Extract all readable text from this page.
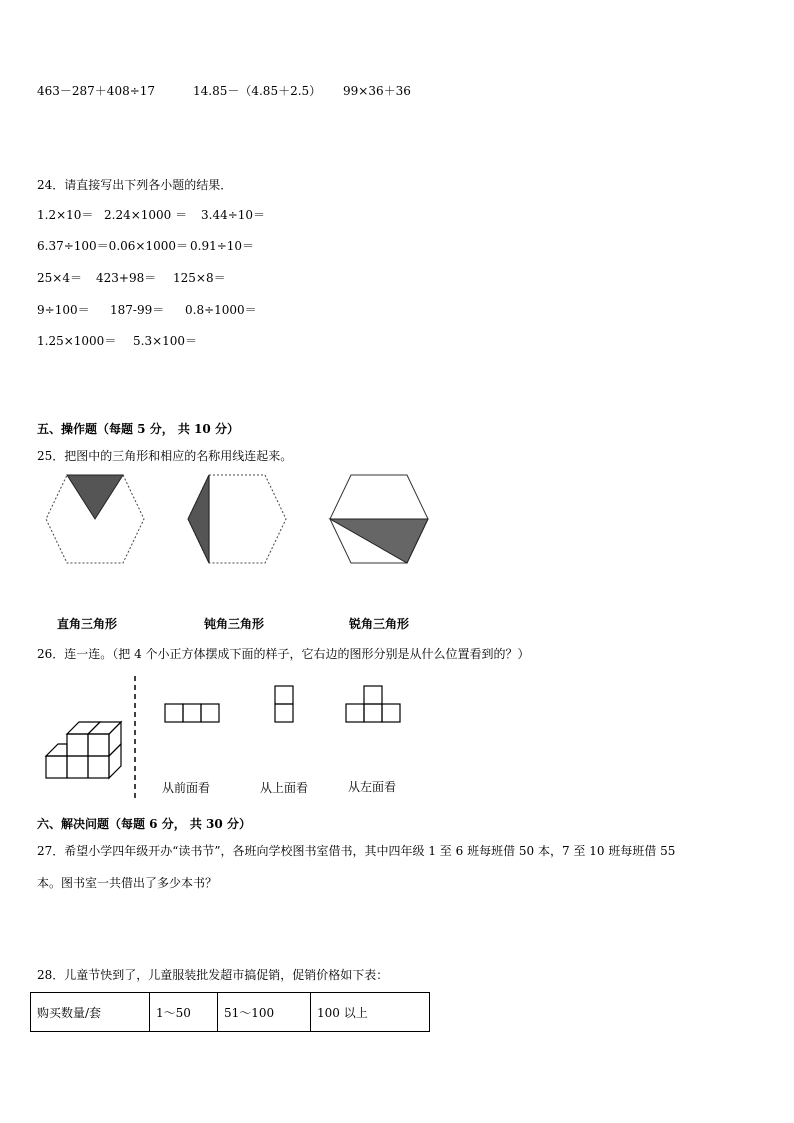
463－287＋408÷17	14.85－（4.85＋2.5） 99×36＋36
24．请直接写出下列各小题的结果．
1.2×10＝ 2.24×1000 ＝ 3.44÷10＝
6.37÷100＝0.06×1000＝ 0.91÷10＝
25×4＝ 423+98＝ 125×8＝
9÷100＝ 187-99＝ 0.8÷1000＝
1.25×1000＝ 5.3×100＝
五、操作题（每题 5 分， 共 10 分）
25．把图中的三角形和相应的名称用线连起来。
直角三角形	钝角三角形	锐角三角形
26．连一连。（把 4 个小正方体摆成下面的样子，它右边的图形分别是从什么位置看到的？）
从前面看	从上面看	从左面看
六、解决问题（每题 6 分， 共 30 分）
27．希望小学四年级开办“读书节”，各班向学校图书室借书，其中四年级 1 至 6 班每班借 50 本，7 至 10 班每班借 55
本。图书室一共借出了多少本书？
28．儿童节快到了，儿童服装批发超市搞促销，促销价格如下表：
购买数量/套	1～50	51～100	100 以上
